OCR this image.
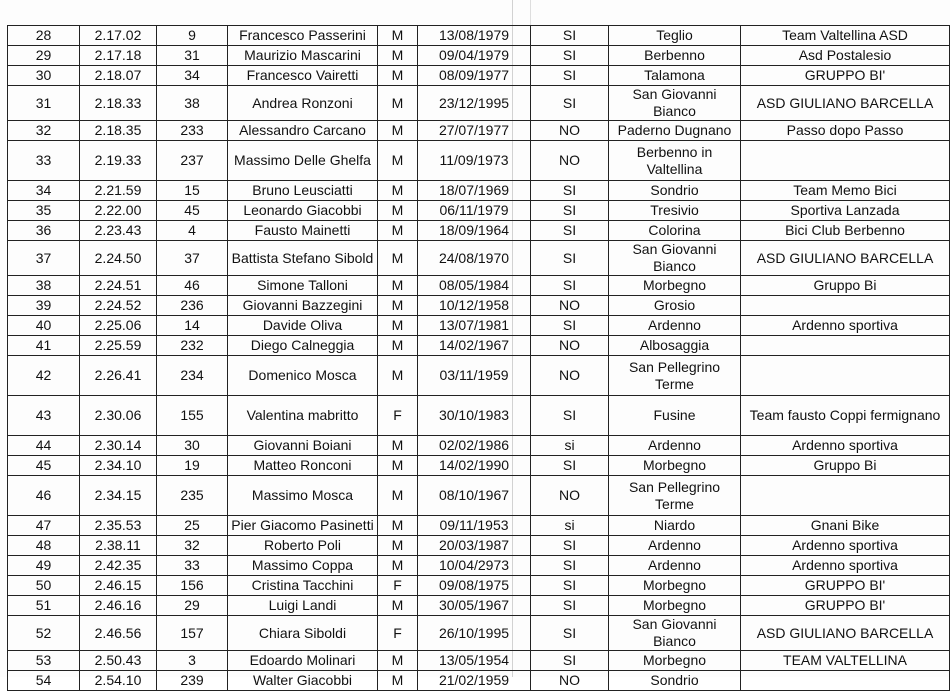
28	2.17.02	9	Francesco Passerini	M	13/08/1979	SI	Teglio	Team Valtellina ASD
29	2.17.18	31	Maurizio Mascarini	M	09/04/1979	SI	Berbenno	Asd Postalesio
30	2.18.07	34	Francesco Vairetti	M	08/09/1977	SI	Talamona	GRUPPO BI'
31	2.18.33	38	Andrea Ronzoni	M	23/12/1995	SI	San Giovanni Bianco	ASD GIULIANO BARCELLA
32	2.18.35	233	Alessandro Carcano	M	27/07/1977	NO	Paderno Dugnano	Passo dopo Passo
33	2.19.33	237	Massimo Delle Ghelfa	M	11/09/1973	NO	Berbenno in Valtellina	
34	2.21.59	15	Bruno Leusciatti	M	18/07/1969	SI	Sondrio	Team Memo Bici
35	2.22.00	45	Leonardo Giacobbi	M	06/11/1979	SI	Tresivio	Sportiva Lanzada
36	2.23.43	4	Fausto Mainetti	M	18/09/1964	SI	Colorina	Bici Club Berbenno
37	2.24.50	37	Battista Stefano Sibold	M	24/08/1970	SI	San Giovanni Bianco	ASD GIULIANO BARCELLA
38	2.24.51	46	Simone Talloni	M	08/05/1984	SI	Morbegno	Gruppo Bi
39	2.24.52	236	Giovanni Bazzegini	M	10/12/1958	NO	Grosio	
40	2.25.06	14	Davide Oliva	M	13/07/1981	SI	Ardenno	Ardenno sportiva
41	2.25.59	232	Diego Calneggia	M	14/02/1967	NO	Albosaggia	
42	2.26.41	234	Domenico Mosca	M	03/11/1959	NO	San Pellegrino Terme	
43	2.30.06	155	Valentina mabritto	F	30/10/1983	SI	Fusine	Team fausto Coppi fermignano
44	2.30.14	30	Giovanni Boiani	M	02/02/1986	si	Ardenno	Ardenno sportiva
45	2.34.10	19	Matteo Ronconi	M	14/02/1990	SI	Morbegno	Gruppo Bi
46	2.34.15	235	Massimo Mosca	M	08/10/1967	NO	San Pellegrino Terme	
47	2.35.53	25	Pier Giacomo Pasinetti	M	09/11/1953	si	Niardo	Gnani Bike
48	2.38.11	32	Roberto Poli	M	20/03/1987	SI	Ardenno	Ardenno sportiva
49	2.42.35	33	Massimo Coppa	M	10/04/2973	SI	Ardenno	Ardenno sportiva
50	2.46.15	156	Cristina Tacchini	F	09/08/1975	SI	Morbegno	GRUPPO BI'
51	2.46.16	29	Luigi Landi	M	30/05/1967	SI	Morbegno	GRUPPO BI'
52	2.46.56	157	Chiara Siboldi	F	26/10/1995	SI	San Giovanni Bianco	ASD GIULIANO BARCELLA
53	2.50.43	3	Edoardo Molinari	M	13/05/1954	SI	Morbegno	TEAM VALTELLINA
54	2.54.10	239	Walter Giacobbi	M	21/02/1959	NO	Sondrio	
